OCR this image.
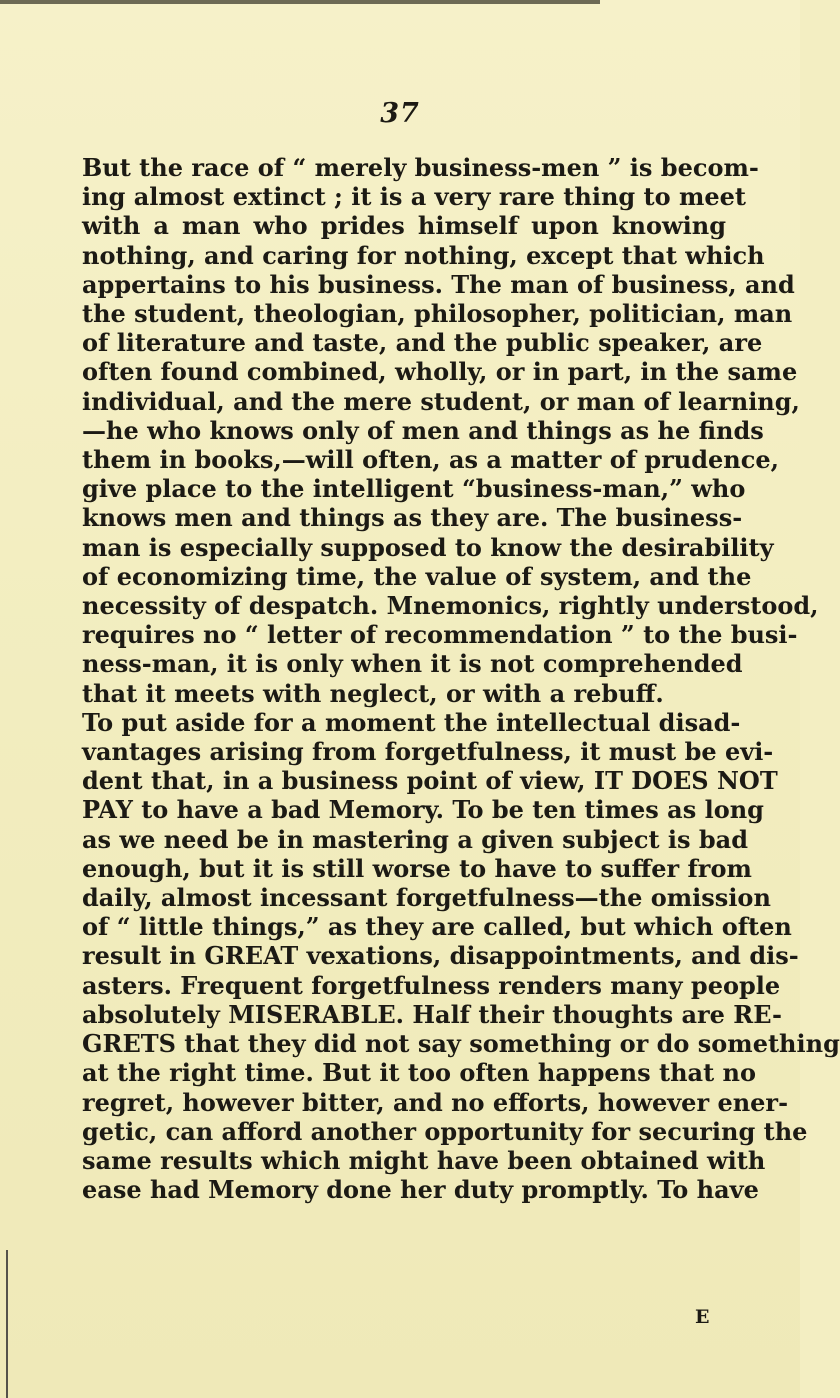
37
But the race of “ merely business-men ” is becom-
ing almost extinct ; it is a very rare thing to meet
with a man who prides himself upon knowing
nothing, and caring for nothing, except that which
appertains to his business. The man of business, and
the student, theologian, philosopher, politician, man
of literature and taste, and the public speaker, are
often found combined, wholly, or in part, in the same
individual, and the mere student, or man of learning,
—he who knows only of men and things as he finds
them in books,—will often, as a matter of prudence,
give place to the intelligent “business-man,” who
knows men and things as they are. The business-
man is especially supposed to know the desirability
of economizing time, the value of system, and the
necessity of despatch. Mnemonics, rightly understood,
requires no “ letter of recommendation ” to the busi-
ness-man, it is only when it is not comprehended
that it meets with neglect, or with a rebuff.
To put aside for a moment the intellectual disad-
vantages arising from forgetfulness, it must be evi-
dent that, in a business point of view, IT DOES NOT
PAY to have a bad Memory. To be ten times as long
as we need be in mastering a given subject is bad
enough, but it is still worse to have to suffer from
daily, almost incessant forgetfulness—the omission
of “ little things,” as they are called, but which often
result in GREAT vexations, disappointments, and dis-
asters. Frequent forgetfulness renders many people
absolutely MISERABLE. Half their thoughts are RE-
GRETS that they did not say something or do something
at the right time. But it too often happens that no
regret, however bitter, and no efforts, however ener-
getic, can afford another opportunity for securing the
same results which might have been obtained with
ease had Memory done her duty promptly. To have
E
